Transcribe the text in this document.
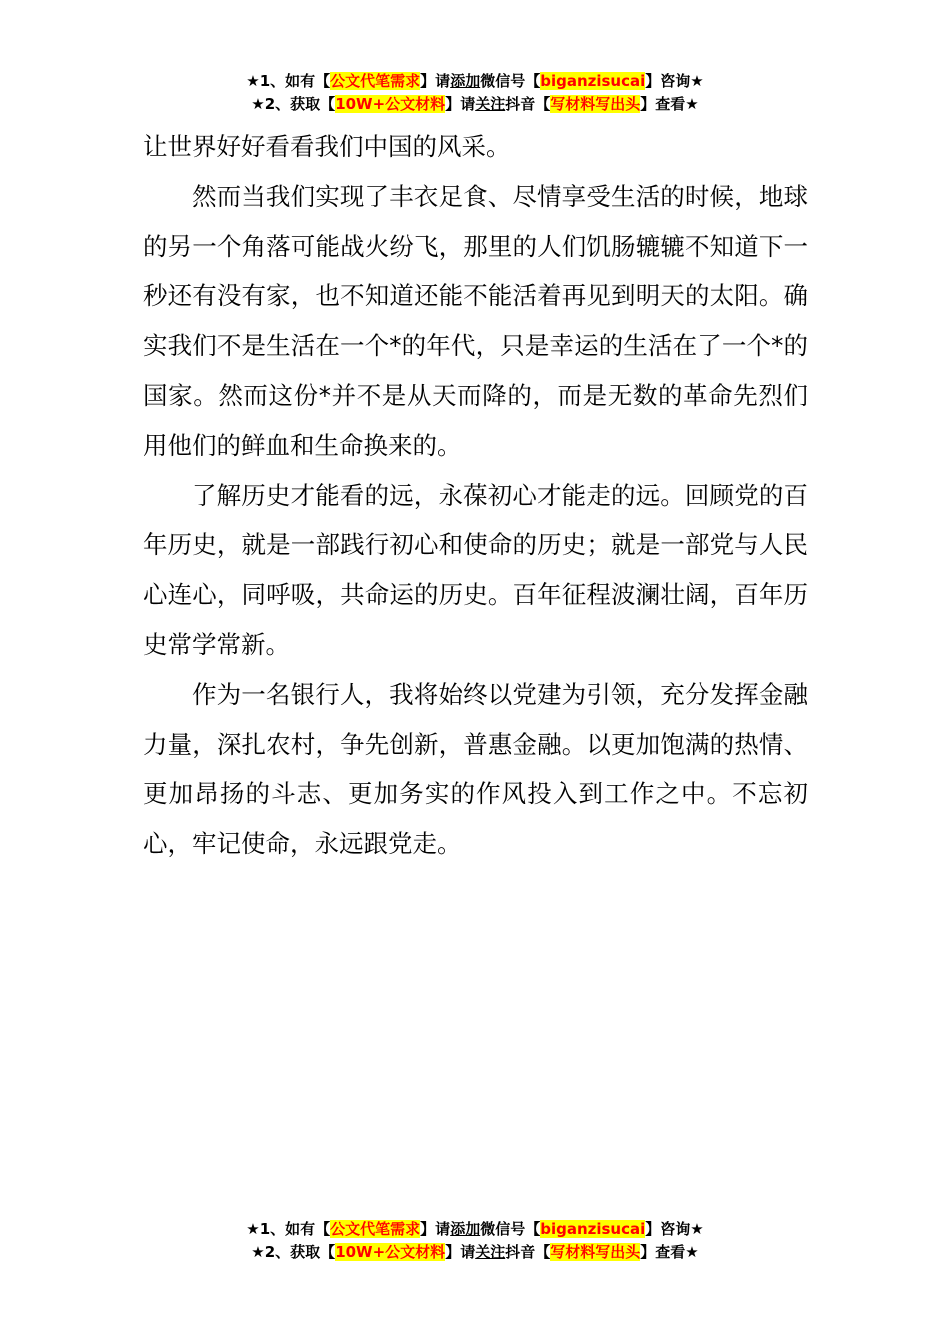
★1、如有【公文代笔需求】请添加微信号【biganzisucai】咨询★
★2、获取【10W+公文材料】请关注抖音【写材料写出头】查看★

让世界好好看看我们中国的风采。

然而当我们实现了丰衣足食、尽情享受生活的时候，地球的另一个角落可能战火纷飞，那里的人们饥肠辘辘不知道下一秒还有没有家，也不知道还能不能活着再见到明天的太阳。确实我们不是生活在一个*的年代，只是幸运的生活在了一个*的国家。然而这份*并不是从天而降的，而是无数的革命先烈们用他们的鲜血和生命换来的。

了解历史才能看的远，永葆初心才能走的远。回顾党的百年历史，就是一部践行初心和使命的历史；就是一部党与人民心连心，同呼吸，共命运的历史。百年征程波澜壮阔，百年历史常学常新。

作为一名银行人，我将始终以党建为引领，充分发挥金融力量，深扎农村，争先创新，普惠金融。以更加饱满的热情、更加昂扬的斗志、更加务实的作风投入到工作之中。不忘初心，牢记使命，永远跟党走。

★1、如有【公文代笔需求】请添加微信号【biganzisucai】咨询★
★2、获取【10W+公文材料】请关注抖音【写材料写出头】查看★
